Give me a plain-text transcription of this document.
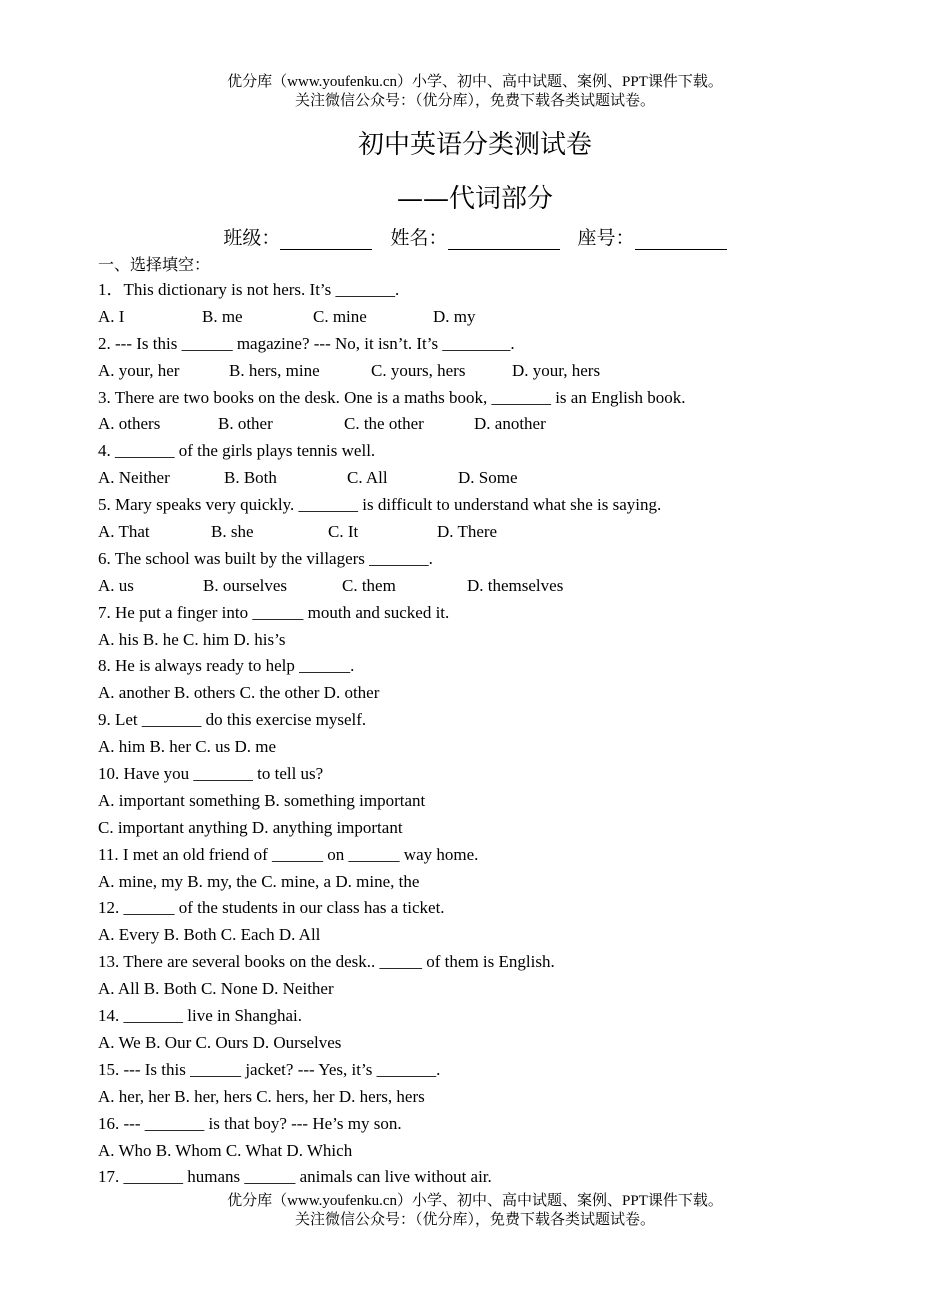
优分库（www.youfenku.cn）小学、初中、高中试题、案例、PPT课件下载。
关注微信公众号：（优分库），免费下载各类试题试卷。
初中英语分类测试卷
——代词部分
班级：	姓名：	座号：
一、选择填空：
1．This dictionary is not hers. It’s _______.
A. I	B. me	C. mine	D. my
2. --- Is this ______ magazine? --- No, it isn’t. It’s ________.
A. your, her	B. hers, mine	C. yours, hers	D. your, hers
3. There are two books on the desk. One is a maths book, _______ is an English book.
A. others	B. other	C. the other	D. another
4. _______ of the girls plays tennis well.
A. Neither	B. Both	C. All	D. Some
5. Mary speaks very quickly. _______ is difficult to understand what she is saying.
A. That	B. she	C. It	D. There
6. The school was built by the villagers _______.
A. us	B. ourselves	C. them	D. themselves
7. He put a finger into ______ mouth and sucked it.
A. his B. he C. him D. his’s
8. He is always ready to help ______.
A. another B. others C. the other D. other
9. Let _______ do this exercise myself.
A. him B. her C. us D. me
10. Have you _______ to tell us?
A. important something B. something important
C. important anything D. anything important
11. I met an old friend of ______ on ______ way home.
A. mine, my B. my, the C. mine, a D. mine, the
12. ______ of the students in our class has a ticket.
A. Every B. Both C. Each D. All
13. There are several books on the desk.. _____ of them is English.
A. All B. Both C. None D. Neither
14. _______ live in Shanghai.
A. We B. Our C. Ours D. Ourselves
15. --- Is this ______ jacket? --- Yes, it’s _______.
A. her, her B. her, hers C. hers, her D. hers, hers
16. --- _______ is that boy? --- He’s my son.
A. Who B. Whom C. What D. Which
17. _______ humans ______ animals can live without air.
优分库（www.youfenku.cn）小学、初中、高中试题、案例、PPT课件下载。
关注微信公众号：（优分库），免费下载各类试题试卷。
